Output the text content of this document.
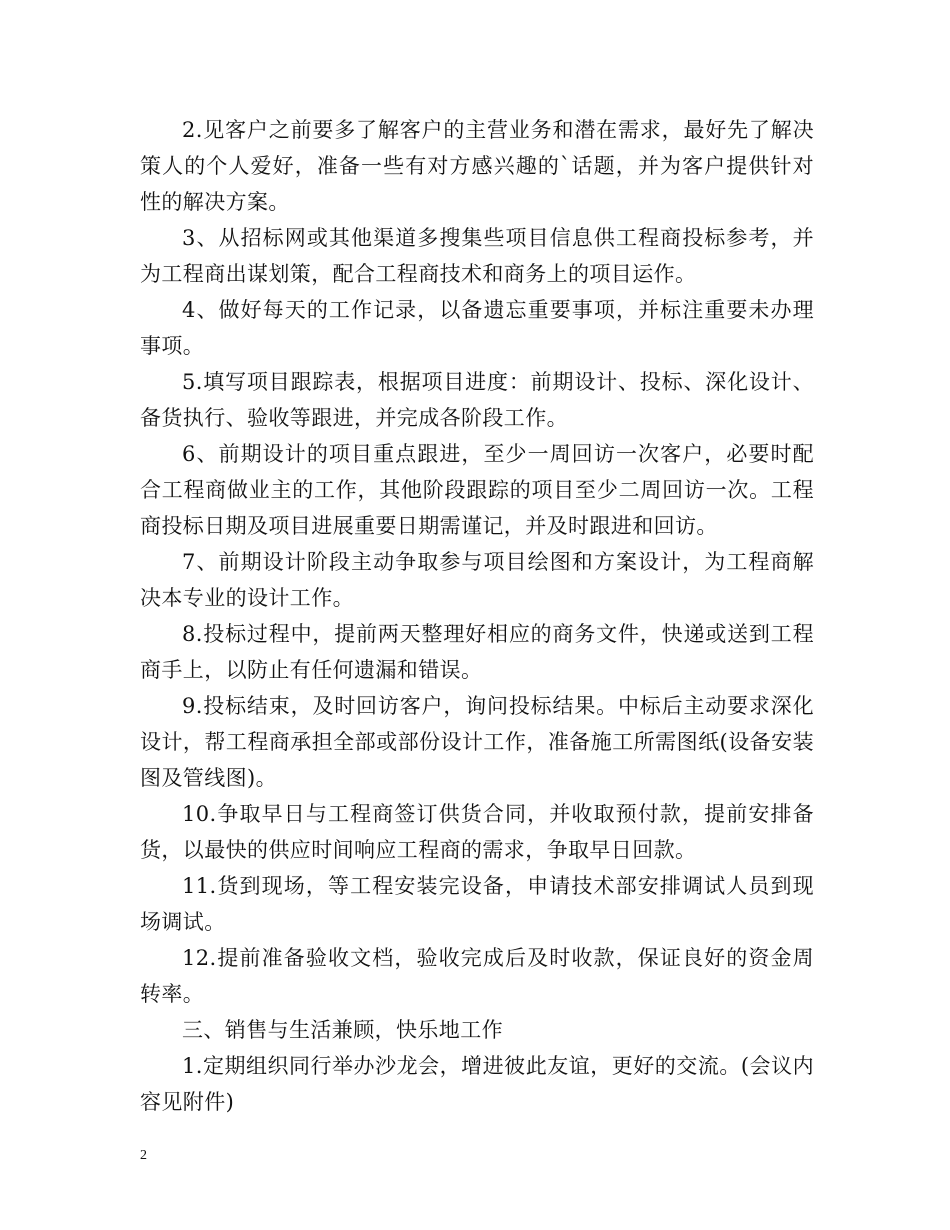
2.见客户之前要多了解客户的主营业务和潜在需求，最好先了解决策人的个人爱好，准备一些有对方感兴趣的`话题，并为客户提供针对性的解决方案。

3、从招标网或其他渠道多搜集些项目信息供工程商投标参考，并为工程商出谋划策，配合工程商技术和商务上的项目运作。

4、做好每天的工作记录，以备遗忘重要事项，并标注重要未办理事项。

5.填写项目跟踪表，根据项目进度：前期设计、投标、深化设计、备货执行、验收等跟进，并完成各阶段工作。

6、前期设计的项目重点跟进，至少一周回访一次客户，必要时配合工程商做业主的工作，其他阶段跟踪的项目至少二周回访一次。工程商投标日期及项目进展重要日期需谨记，并及时跟进和回访。

7、前期设计阶段主动争取参与项目绘图和方案设计，为工程商解决本专业的设计工作。

8.投标过程中，提前两天整理好相应的商务文件，快递或送到工程商手上，以防止有任何遗漏和错误。

9.投标结束，及时回访客户，询问投标结果。中标后主动要求深化设计，帮工程商承担全部或部份设计工作，准备施工所需图纸(设备安装图及管线图)。

10.争取早日与工程商签订供货合同，并收取预付款，提前安排备货，以最快的供应时间响应工程商的需求，争取早日回款。

11.货到现场，等工程安装完设备，申请技术部安排调试人员到现场调试。

12.提前准备验收文档，验收完成后及时收款，保证良好的资金周转率。

三、销售与生活兼顾，快乐地工作

1.定期组织同行举办沙龙会，增进彼此友谊，更好的交流。(会议内容见附件)

2
